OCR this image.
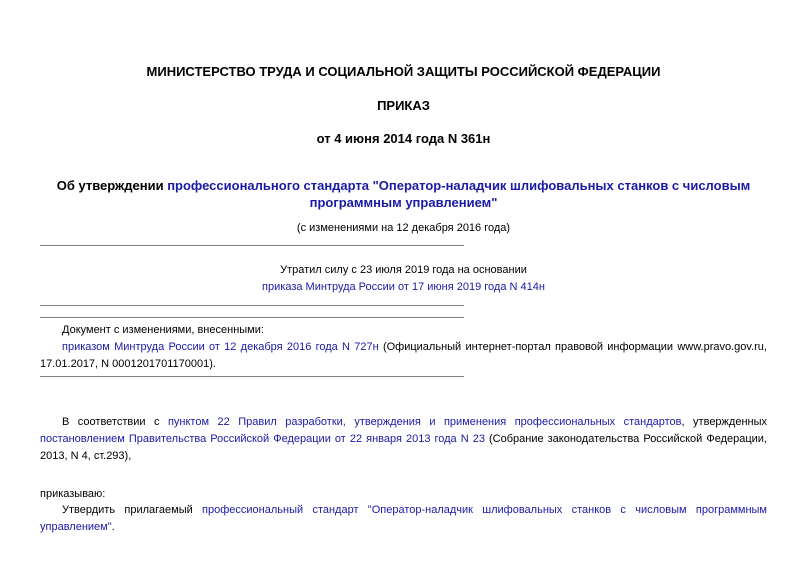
МИНИСТЕРСТВО ТРУДА И СОЦИАЛЬНОЙ ЗАЩИТЫ РОССИЙСКОЙ ФЕДЕРАЦИИ
ПРИКАЗ
от 4 июня 2014 года N 361н
Об утверждении профессионального стандарта "Оператор-наладчик шлифовальных станков с числовым
программным управлением"
(с изменениями на 12 декабря 2016 года)
Утратил силу с 23 июля 2019 года на основании
приказа Минтруда России от 17 июня 2019 года N 414н
Документ с изменениями, внесенными:
приказом Минтруда России от 12 декабря 2016 года N 727н (Официальный интернет-портал правовой информации www.pravo.gov.ru,
17.01.2017, N 0001201701170001).
В соответствии с пунктом 22 Правил разработки, утверждения и применения профессиональных стандартов, утвержденных
постановлением Правительства Российской Федерации от 22 января 2013 года N 23 (Собрание законодательства Российской Федерации,
2013, N 4, ст.293),
приказываю:
Утвердить прилагаемый профессиональный стандарт "Оператор-наладчик шлифовальных станков с числовым программным
управлением".
